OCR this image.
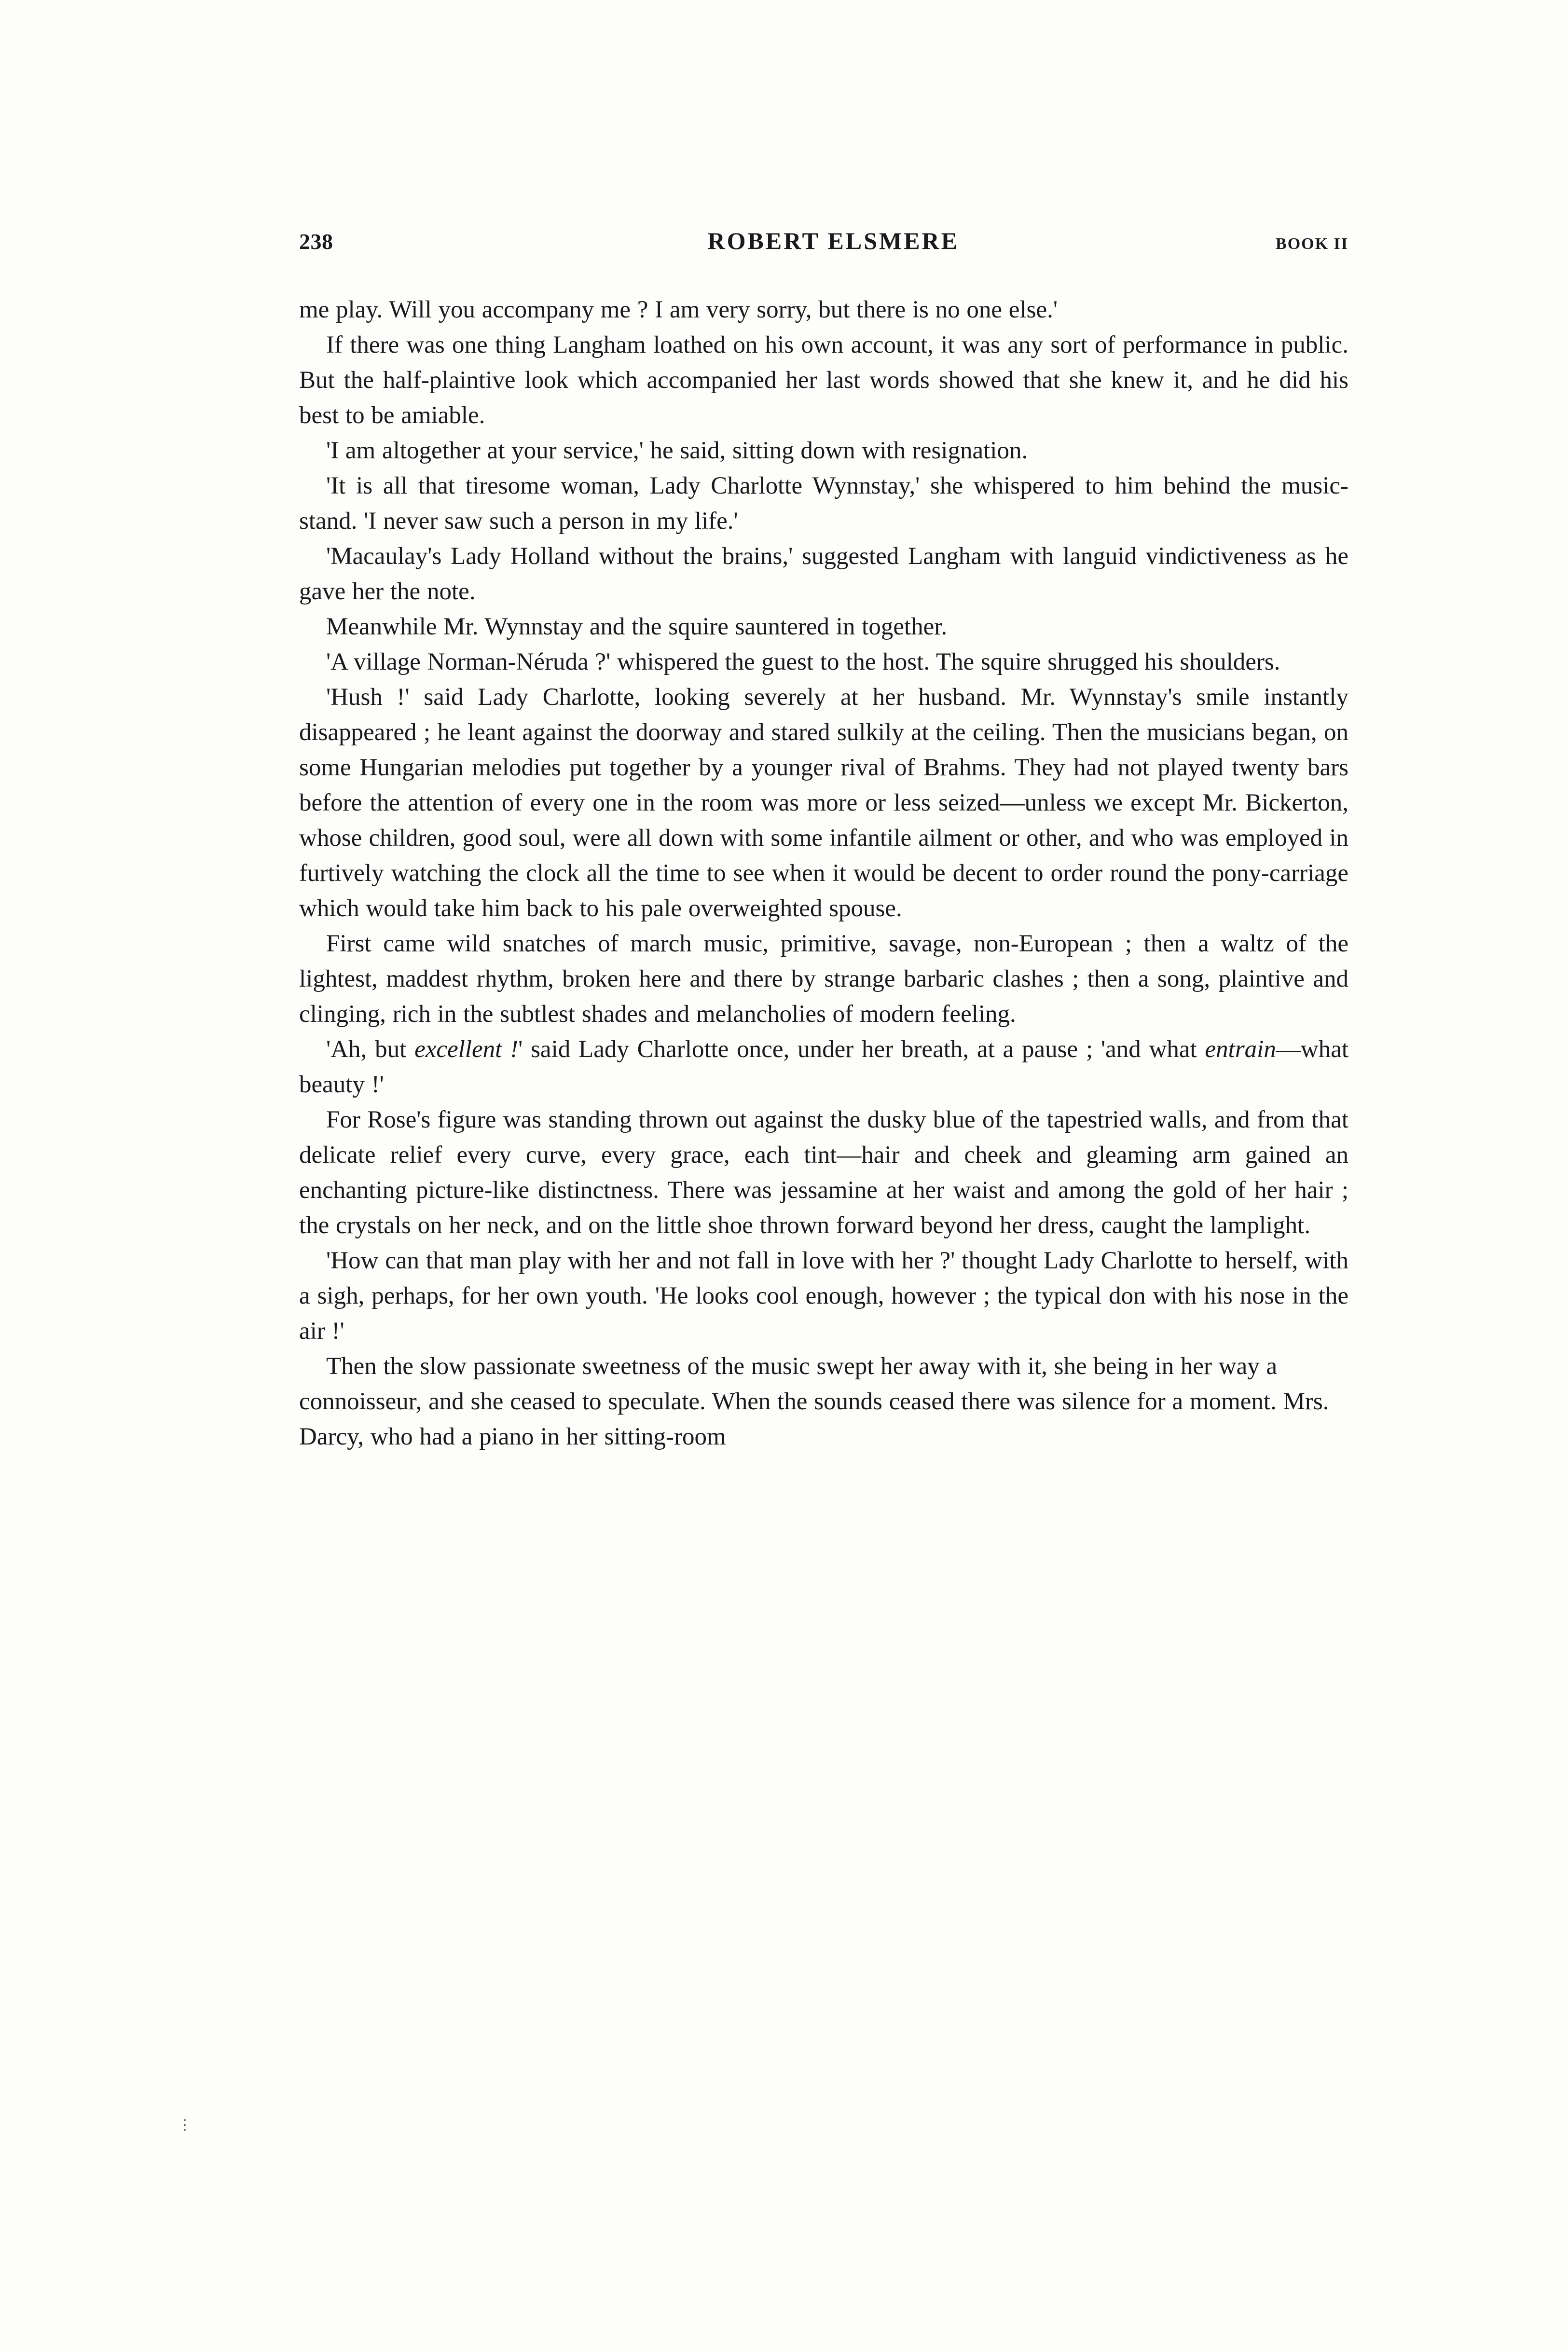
238	ROBERT ELSMERE	BOOK II

me play. Will you accompany me ? I am very sorry, but there is no one else.'

If there was one thing Langham loathed on his own account, it was any sort of performance in public. But the half-plaintive look which accompanied her last words showed that she knew it, and he did his best to be amiable.

'I am altogether at your service,' he said, sitting down with resignation.

'It is all that tiresome woman, Lady Charlotte Wynnstay,' she whispered to him behind the music-stand. 'I never saw such a person in my life.'

'Macaulay's Lady Holland without the brains,' suggested Langham with languid vindictiveness as he gave her the note.

Meanwhile Mr. Wynnstay and the squire sauntered in together.

'A village Norman-Néruda ?' whispered the guest to the host. The squire shrugged his shoulders.

'Hush !' said Lady Charlotte, looking severely at her husband. Mr. Wynnstay's smile instantly disappeared ; he leant against the doorway and stared sulkily at the ceiling. Then the musicians began, on some Hungarian melodies put together by a younger rival of Brahms. They had not played twenty bars before the attention of every one in the room was more or less seized—unless we except Mr. Bickerton, whose children, good soul, were all down with some infantile ailment or other, and who was employed in furtively watching the clock all the time to see when it would be decent to order round the pony-carriage which would take him back to his pale overweighted spouse.

First came wild snatches of march music, primitive, savage, non-European ; then a waltz of the lightest, maddest rhythm, broken here and there by strange barbaric clashes ; then a song, plaintive and clinging, rich in the subtlest shades and melancholies of modern feeling.

'Ah, but excellent !' said Lady Charlotte once, under her breath, at a pause ; 'and what entrain—what beauty !'

For Rose's figure was standing thrown out against the dusky blue of the tapestried walls, and from that delicate relief every curve, every grace, each tint—hair and cheek and gleaming arm gained an enchanting picture-like distinctness. There was jessamine at her waist and among the gold of her hair ; the crystals on her neck, and on the little shoe thrown forward beyond her dress, caught the lamplight.

'How can that man play with her and not fall in love with her ?' thought Lady Charlotte to herself, with a sigh, perhaps, for her own youth. 'He looks cool enough, however ; the typical don with his nose in the air !'

Then the slow passionate sweetness of the music swept her away with it, she being in her way a connoisseur, and she ceased to speculate. When the sounds ceased there was silence for a moment. Mrs. Darcy, who had a piano in her sitting-room

⋮
